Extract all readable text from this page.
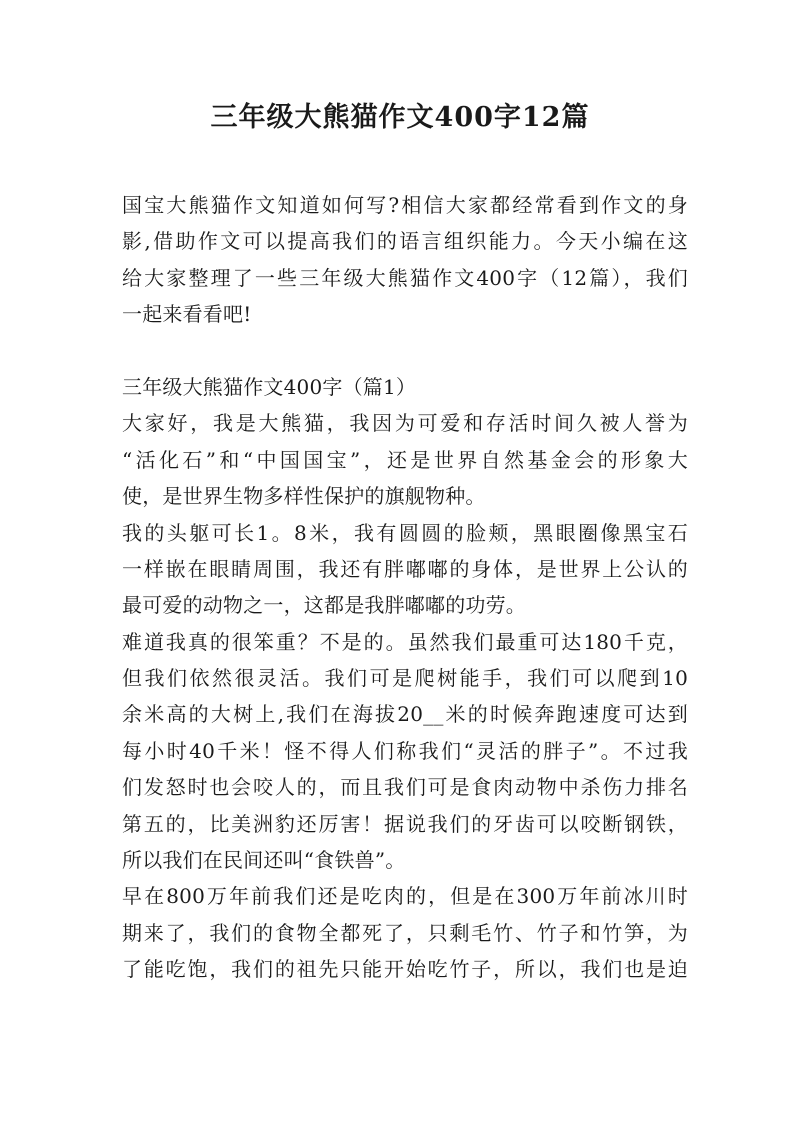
三年级大熊猫作文400字12篇
国宝大熊猫作文知道如何写?相信大家都经常看到作文的身
影,借助作文可以提高我们的语言组织能力。今天小编在这
给大家整理了一些三年级大熊猫作文400字（12篇），我们
一起来看看吧!
三年级大熊猫作文400字（篇1）
大家好，我是大熊猫，我因为可爱和存活时间久被人誉为
“活化石”和“中国国宝”，还是世界自然基金会的形象大
使，是世界生物多样性保护的旗舰物种。
我的头躯可长1。8米，我有圆圆的脸颊，黑眼圈像黑宝石
一样嵌在眼睛周围，我还有胖嘟嘟的身体，是世界上公认的
最可爱的动物之一，这都是我胖嘟嘟的功劳。
难道我真的很笨重？不是的。虽然我们最重可达180千克，
但我们依然很灵活。我们可是爬树能手，我们可以爬到10
余米高的大树上,我们在海拔20__米的时候奔跑速度可达到
每小时40千米！怪不得人们称我们“灵活的胖子”。不过我
们发怒时也会咬人的，而且我们可是食肉动物中杀伤力排名
第五的，比美洲豹还厉害！据说我们的牙齿可以咬断钢铁，
所以我们在民间还叫“食铁兽”。
早在800万年前我们还是吃肉的，但是在300万年前冰川时
期来了，我们的食物全都死了，只剩毛竹、竹子和竹笋，为
了能吃饱，我们的祖先只能开始吃竹子，所以，我们也是迫
